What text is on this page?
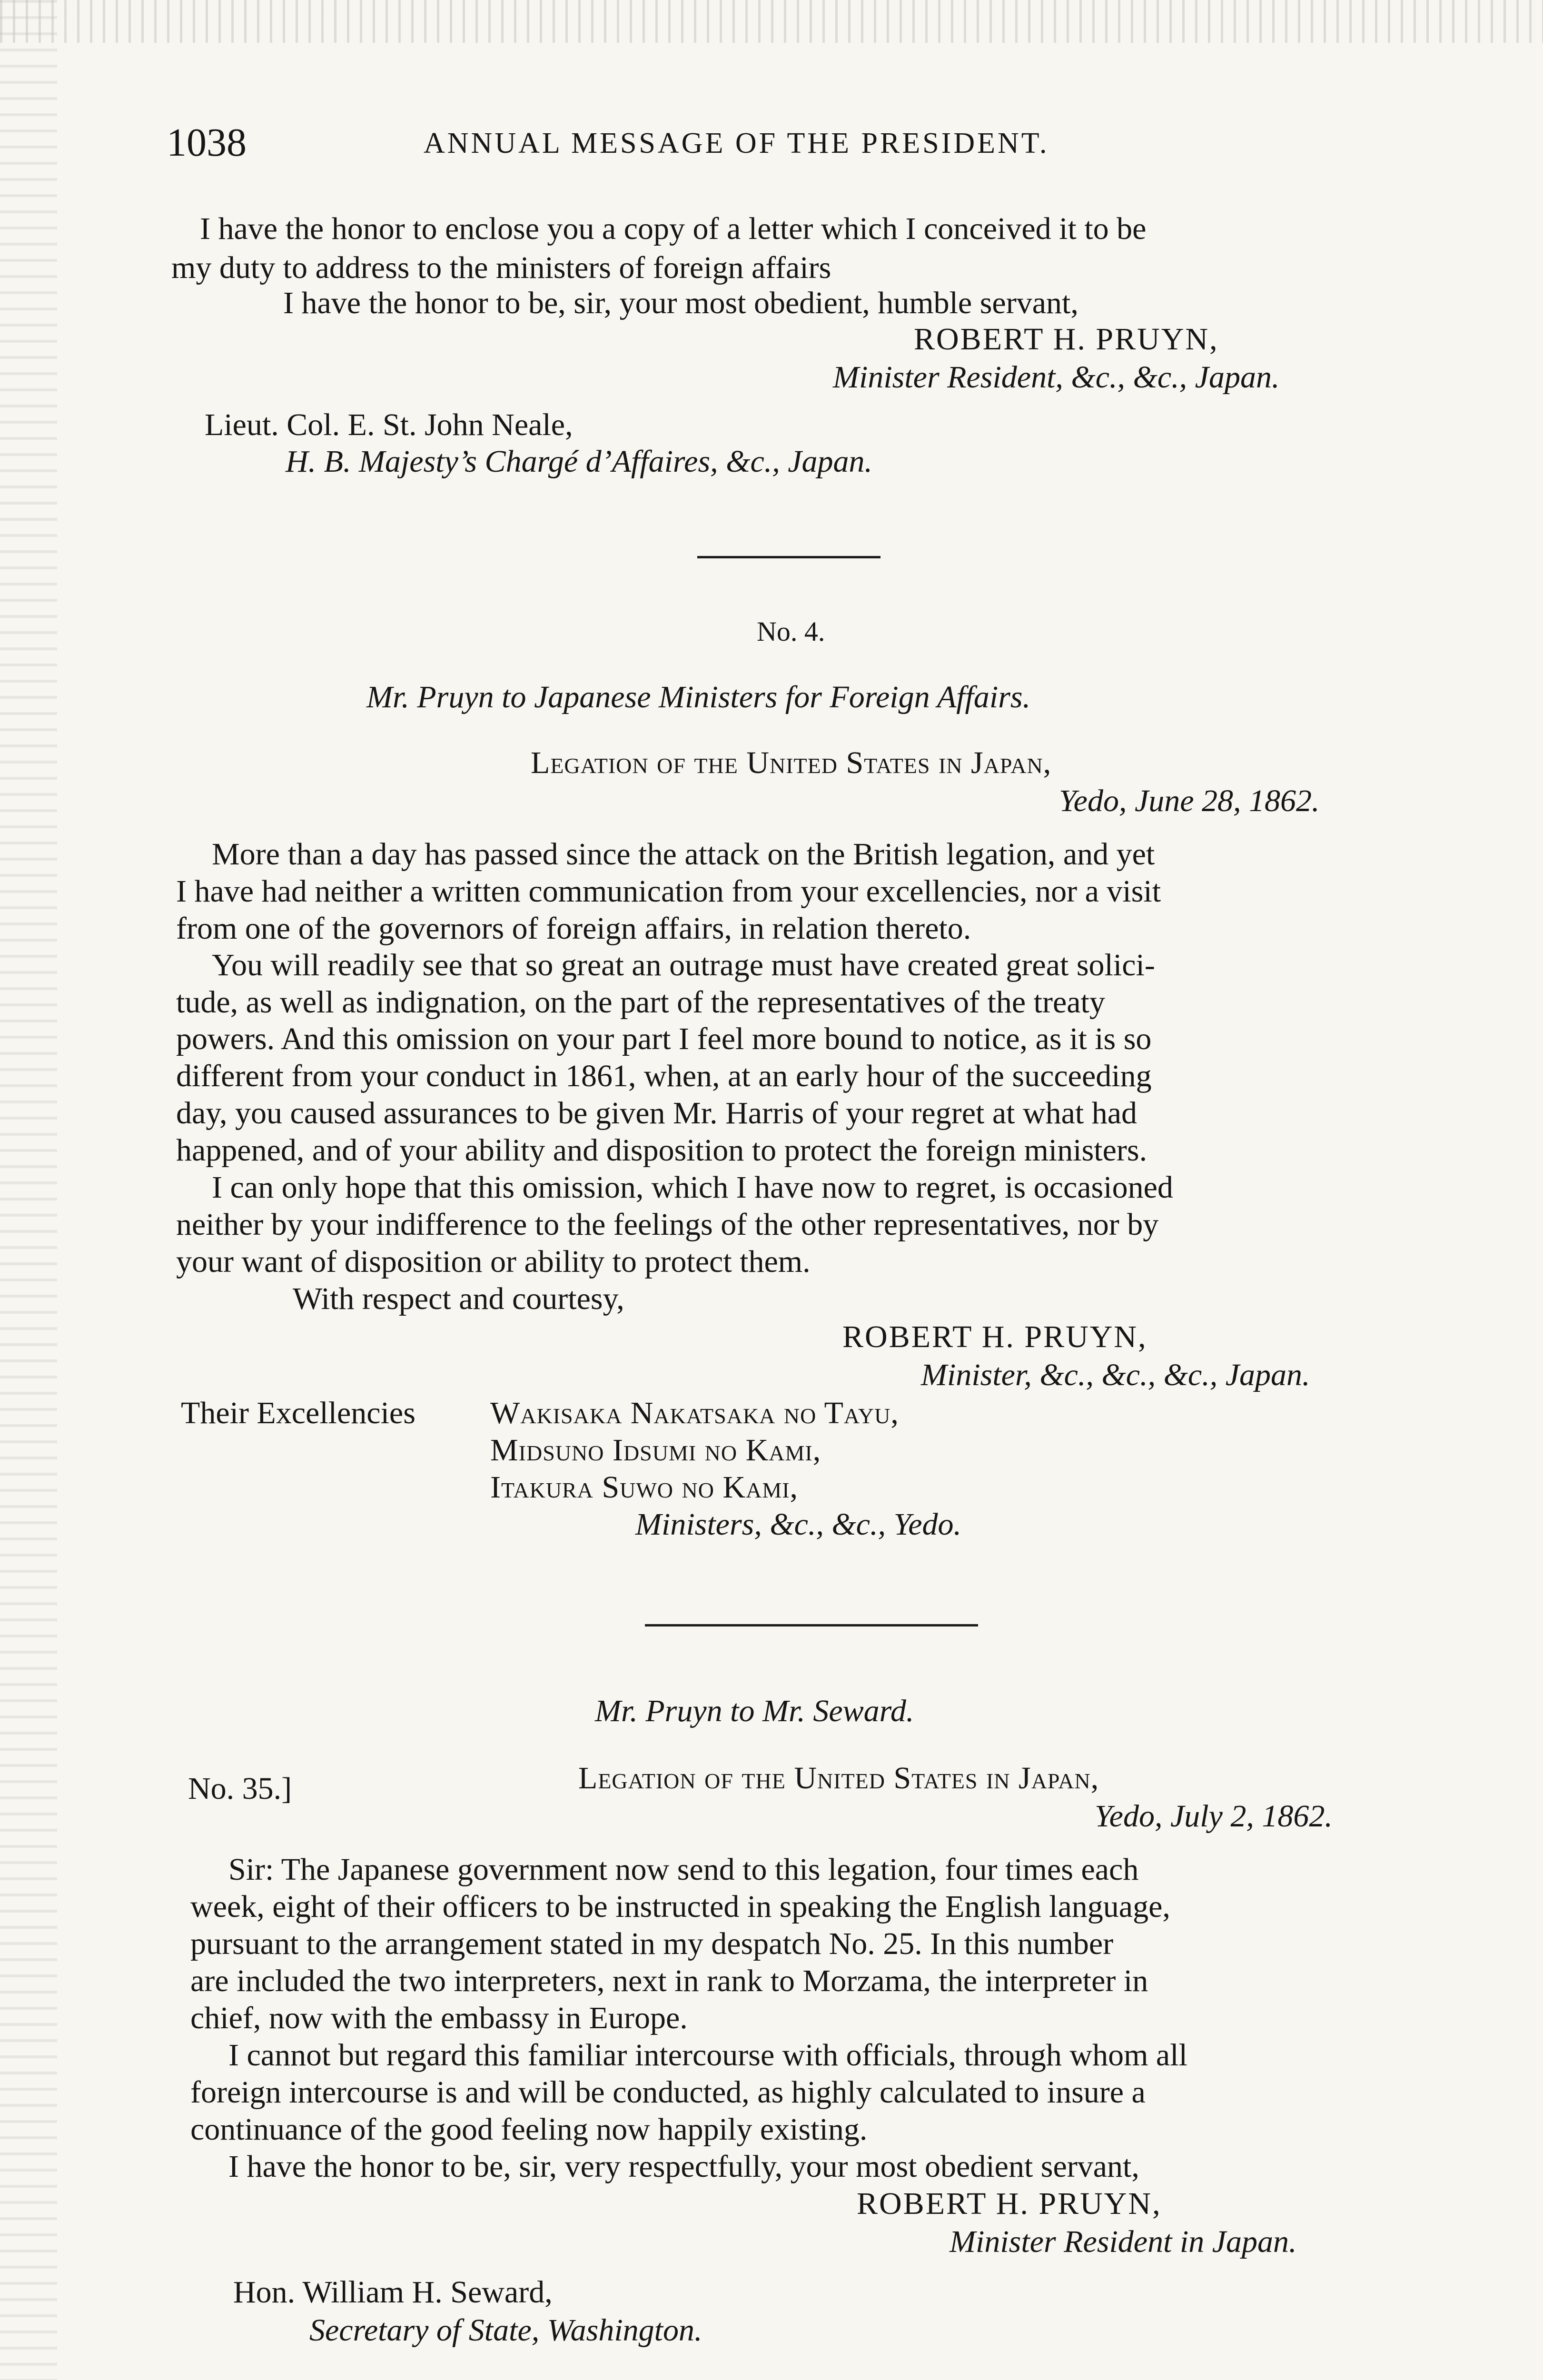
1038	ANNUAL MESSAGE OF THE PRESIDENT.
I have the honor to enclose you a copy of a letter which I conceived it to be
my duty to address to the ministers of foreign affairs
I have the honor to be, sir, your most obedient, humble servant,
ROBERT H. PRUYN,
Minister Resident, &c., &c., Japan.
Lieut. Col. E. St. John Neale,
H. B. Majesty’s Chargé d’Affaires, &c., Japan.
No. 4.
Mr. Pruyn to Japanese Ministers for Foreign Affairs.
Legation of the United States in Japan,
Yedo, June 28, 1862.
More than a day has passed since the attack on the British legation, and yet
I have had neither a written communication from your excellencies, nor a visit
from one of the governors of foreign affairs, in relation thereto.
You will readily see that so great an outrage must have created great solici-
tude, as well as indignation, on the part of the representatives of the treaty
powers. And this omission on your part I feel more bound to notice, as it is so
different from your conduct in 1861, when, at an early hour of the succeeding
day, you caused assurances to be given Mr. Harris of your regret at what had
happened, and of your ability and disposition to protect the foreign ministers.
I can only hope that this omission, which I have now to regret, is occasioned
neither by your indifference to the feelings of the other representatives, nor by
your want of disposition or ability to protect them.
With respect and courtesy,
ROBERT H. PRUYN,
Minister, &c., &c., &c., Japan.
Their Excellencies Wakisaka Nakatsaka no Tayu,
Midsuno Idsumi no Kami,
Itakura Suwo no Kami,
Ministers, &c., &c., Yedo.
Mr. Pruyn to Mr. Seward.
No. 35.]	Legation of the United States in Japan,
Yedo, July 2, 1862.
Sir: The Japanese government now send to this legation, four times each
week, eight of their officers to be instructed in speaking the English language,
pursuant to the arrangement stated in my despatch No. 25. In this number
are included the two interpreters, next in rank to Morzama, the interpreter in
chief, now with the embassy in Europe.
I cannot but regard this familiar intercourse with officials, through whom all
foreign intercourse is and will be conducted, as highly calculated to insure a
continuance of the good feeling now happily existing.
I have the honor to be, sir, very respectfully, your most obedient servant,
ROBERT H. PRUYN,
Minister Resident in Japan.
Hon. William H. Seward,
Secretary of State, Washington.
